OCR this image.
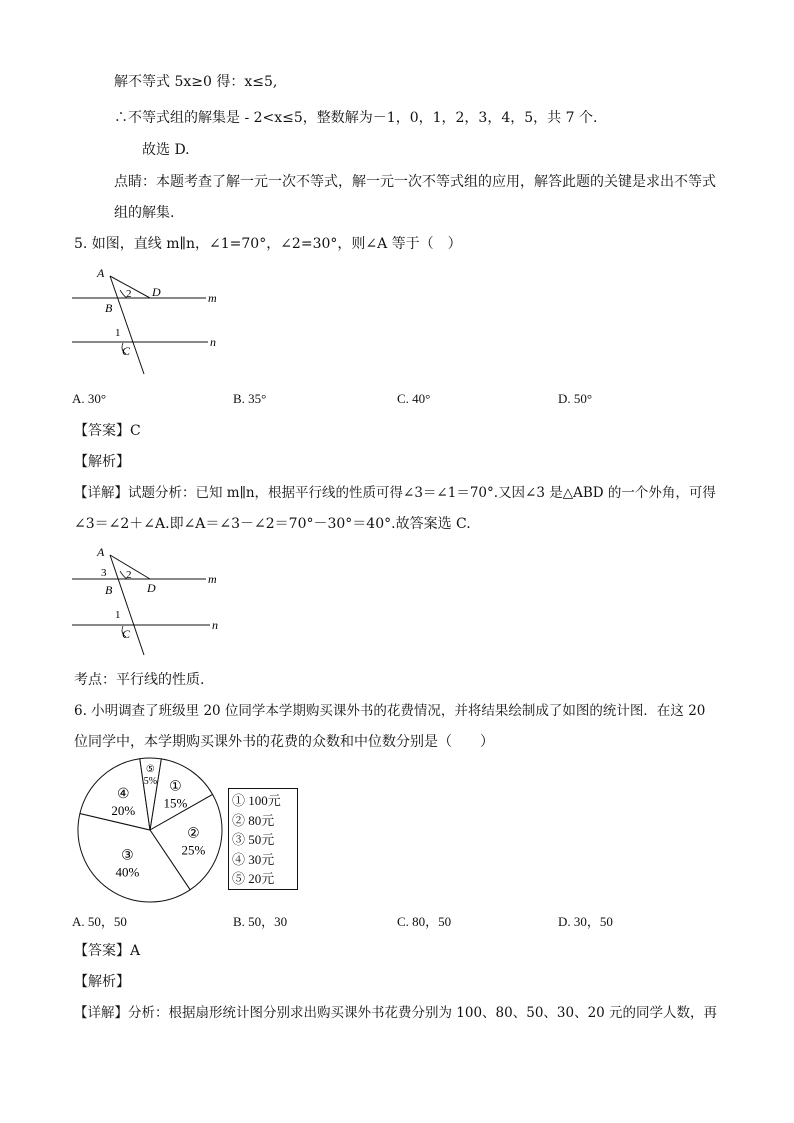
解不等式 5x≥0 得：x≤5,
∴不等式组的解集是 - 2<x≤5，整数解为－1，0，1，2，3，4，5，共 7 个.
故选 D.
点睛：本题考查了解一元一次不等式，解一元一次不等式组的应用，解答此题的关键是求出不等式
组的解集.
5. 如图，直线 m∥n，∠1=70°，∠2=30°，则∠A 等于（　）
A
B
C
D	m
n
2
1
A. 30°	B. 35°	C. 40°	D. 50°
【答案】C
【解析】
【详解】试题分析：已知 m∥n，根据平行线的性质可得∠3＝∠1＝70°.又因∠3 是△ABD 的一个外角，可得
∠3＝∠2＋∠A.即∠A＝∠3－∠2＝70°－30°＝40°.故答案选 C.
A
B
C
D
m
n
3 2
1
考点：平行线的性质.
6. 小明调查了班级里 20 位同学本学期购买课外书的花费情况，并将结果绘制成了如图的统计图．在这 20
位同学中，本学期购买课外书的花费的众数和中位数分别是（　　）
①
15%
②
25%
③
40%
④
20%
⑤
5%
① 100元
② 80元
③ 50元
④ 30元
⑤ 20元
A. 50，50	B. 50，30	C. 80，50	D. 30，50
【答案】A
【解析】
【详解】分析：根据扇形统计图分别求出购买课外书花费分别为 100、80、50、30、20 元的同学人数，再
